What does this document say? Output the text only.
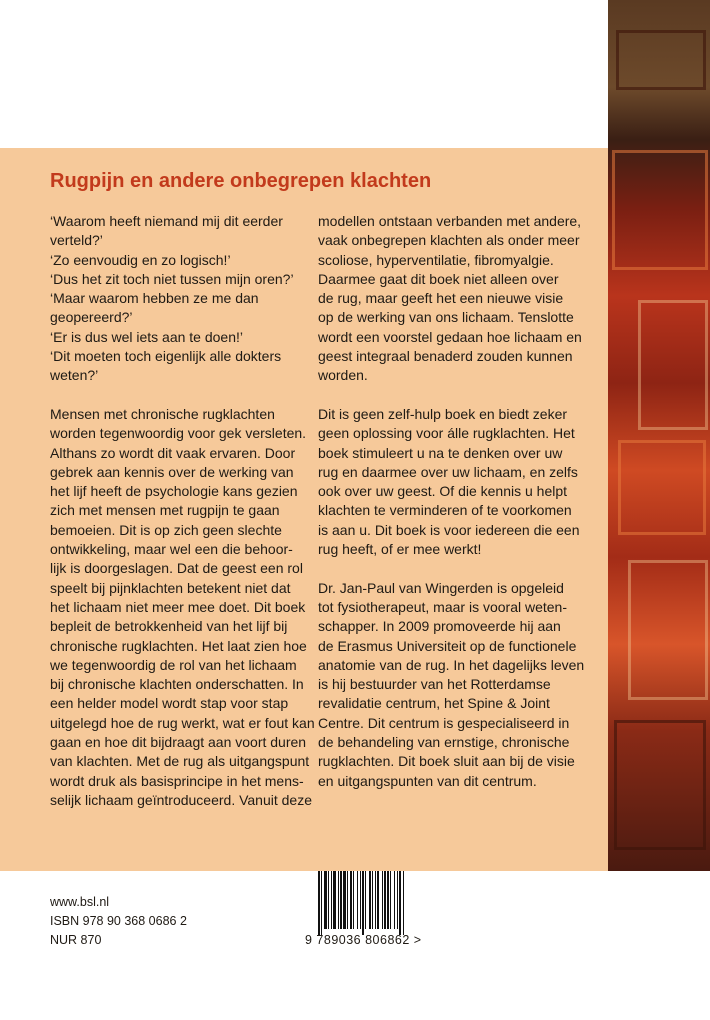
Rugpijn en andere onbegrepen klachten
‘Waarom heeft niemand mij dit eerder
verteld?’
‘Zo eenvoudig en zo logisch!’
‘Dus het zit toch niet tussen mijn oren?’
‘Maar waarom hebben ze me dan
geopereerd?’
‘Er is dus wel iets aan te doen!’
‘Dit moeten toch eigenlijk alle dokters
weten?’
Mensen met chronische rugklachten
worden tegenwoordig voor gek versleten.
Althans zo wordt dit vaak ervaren. Door
gebrek aan kennis over de werking van
het lijf heeft de psychologie kans gezien
zich met mensen met rugpijn te gaan
bemoeien. Dit is op zich geen slechte
ontwikkeling, maar wel een die behoor-
lijk is doorgeslagen. Dat de geest een rol
speelt bij pijnklachten betekent niet dat
het lichaam niet meer mee doet. Dit boek
bepleit de betrokkenheid van het lijf bij
chronische rugklachten. Het laat zien hoe
we tegenwoordig de rol van het lichaam
bij chronische klachten onderschatten. In
een helder model wordt stap voor stap
uitgelegd hoe de rug werkt, wat er fout kan
gaan en hoe dit bijdraagt aan voort duren
van klachten. Met de rug als uitgangspunt
wordt druk als basisprincipe in het mens-
selijk lichaam geïntroduceerd. Vanuit deze
modellen ontstaan verbanden met andere,
vaak onbegrepen klachten als onder meer
scoliose, hyperventilatie, fibromyalgie.
Daarmee gaat dit boek niet alleen over
de rug, maar geeft het een nieuwe visie
op de werking van ons lichaam. Tenslotte
wordt een voorstel gedaan hoe lichaam en
geest integraal benaderd zouden kunnen
worden.
Dit is geen zelf-hulp boek en biedt zeker
geen oplossing voor álle rugklachten. Het
boek stimuleert u na te denken over uw
rug en daarmee over uw lichaam, en zelfs
ook over uw geest. Of die kennis u helpt
klachten te verminderen of te voorkomen
is aan u. Dit boek is voor iedereen die een
rug heeft, of er mee werkt!
Dr. Jan-Paul van Wingerden is opgeleid
tot fysiotherapeut, maar is vooral weten-
schapper. In 2009 promoveerde hij aan
de Erasmus Universiteit op de functionele
anatomie van de rug. In het dagelijks leven
is hij bestuurder van het Rotterdamse
revalidatie centrum, het Spine & Joint
Centre. Dit centrum is gespecialiseerd in
de behandeling van ernstige, chronische
rugklachten. Dit boek sluit aan bij de visie
en uitgangspunten van dit centrum.
www.bsl.nl
ISBN 978 90 368 0686 2
NUR 870	9 789036 806862 >
